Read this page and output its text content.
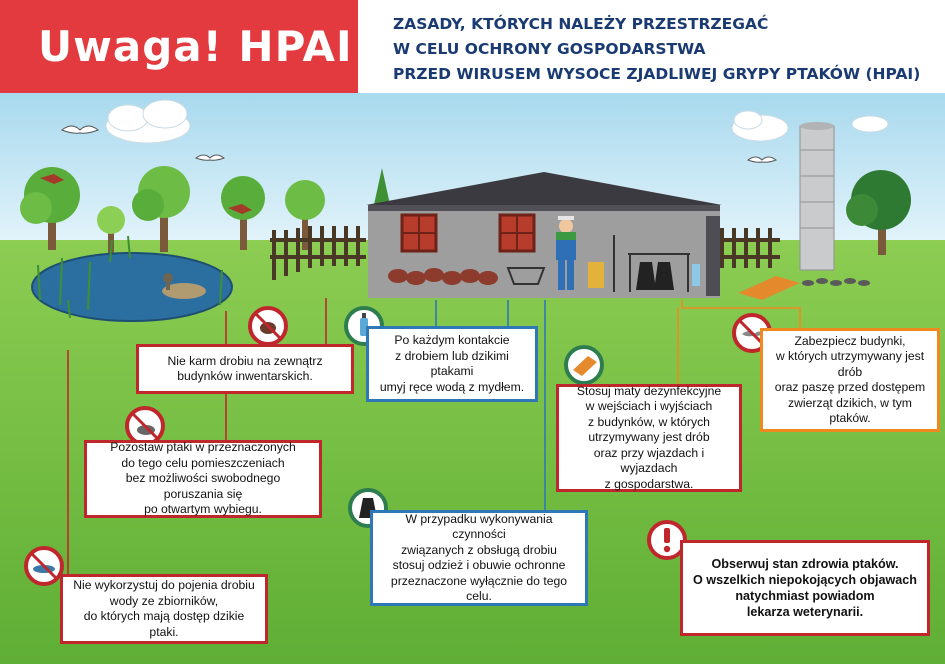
Uwaga! HPAI	ZASADY, KTÓRYCH NALEŻY PRZESTRZEGAĆ
W CELU OCHRONY GOSPODARSTWA
PRZED WIRUSEM WYSOCE ZJADLIWEJ GRYPY PTAKÓW (HPAI)
Nie karm drobiu na zewnątrz
budynków inwentarskich.
Po każdym kontakcie
z drobiem lub dzikimi ptakami
umyj ręce wodą z mydłem.
Pozostaw ptaki w przeznaczonych
do tego celu pomieszczeniach
bez możliwości swobodnego poruszania się
po otwartym wybiegu.
Stosuj maty dezynfekcyjne
w wejściach i wyjściach
z budynków, w których
utrzymywany jest drób
oraz przy wjazdach i wyjazdach
z gospodarstwa.
Zabezpiecz budynki,
w których utrzymywany jest drób
oraz paszę przed dostępem
zwierząt dzikich, w tym ptaków.
W przypadku wykonywania czynności
związanych z obsługą drobiu
stosuj odzież i obuwie ochronne
przeznaczone wyłącznie do tego celu.
Obserwuj stan zdrowia ptaków.
O wszelkich niepokojących objawach
natychmiast powiadom
lekarza weterynarii.
Nie wykorzystuj do pojenia drobiu
wody ze zbiorników,
do których mają dostęp dzikie ptaki.
